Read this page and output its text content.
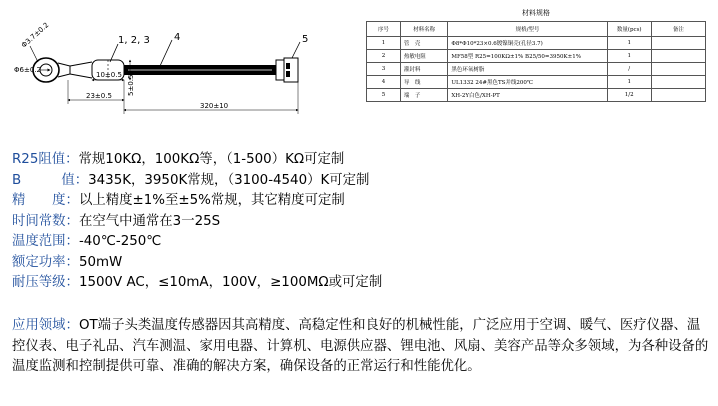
1, 2, 3 4	5
Φ3.7±0.2
Φ6±0.2
10±0.5 5±0.5
23±0.5
320±10
材料规格
序号	材料名称	规格/型号	数量(pcs)	备注
1	管　壳	Φ8*Φ10*23×0.6镀镍铜壳(孔径3.7)	1	
2	热敏电阻	MF58型 R25=100KΩ±1% B25/50=3950K±1%	1	
3	灌封料	黑色环氧树脂	/	
4	导　线	UL1332 24#黑色TS并线200℃	1	
5	端　子	XH-2Y白色/XH-PT	1/2	
R25阻值：常规10KΩ，100KΩ等，（1-500）KΩ可定制
B　　　值：3435K，3950K常规，（3100-4540）K可定制
精　　度：以上精度±1%至±5%常规，其它精度可定制
时间常数：在空气中通常在3一25S
温度范围：-40℃-250℃
额定功率：50mW
耐压等级：1500V AC，≤10mA，100V，≥100MΩ或可定制
应用领域：OT端子头类温度传感器因其高精度、高稳定性和良好的机械性能，广泛应用于空调、暖气、医疗仪器、温控仪表、电子礼品、汽车测温、家用电器、计算机、电源供应器、锂电池、风扇、美容产品等众多领域，为各种设备的温度监测和控制提供可靠、准确的解决方案，确保设备的正常运行和性能优化。
